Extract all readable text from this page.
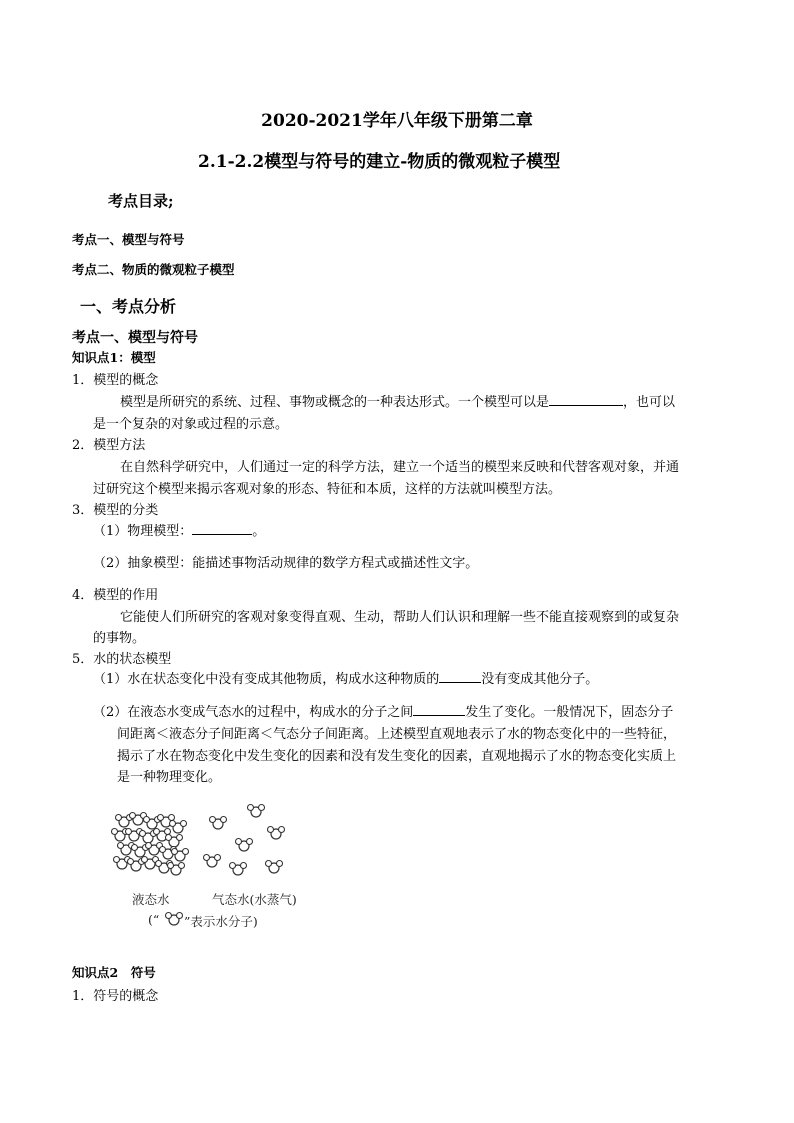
2020-2021学年八年级下册第二章
2.1-2.2模型与符号的建立-物质的微观粒子模型
考点目录;
考点一、模型与符号
考点二、物质的微观粒子模型
一、考点分析
考点一、模型与符号
知识点1：模型
1．模型的概念
模型是所研究的系统、过程、事物或概念的一种表达形式。一个模型可以是	，也可以
是一个复杂的对象或过程的示意。
2．模型方法
在自然科学研究中，人们通过一定的科学方法，建立一个适当的模型来反映和代替客观对象，并通
过研究这个模型来揭示客观对象的形态、特征和本质，这样的方法就叫模型方法。
3．模型的分类
（1）物理模型：	。
（2）抽象模型：能描述事物活动规律的数学方程式或描述性文字。
4．模型的作用
它能使人们所研究的客观对象变得直观、生动，帮助人们认识和理解一些不能直接观察到的或复杂
的事物。
5．水的状态模型
（1）水在状态变化中没有变成其他物质，构成水这种物质的	没有变成其他分子。
（2）在液态水变成气态水的过程中，构成水的分子之间	发生了变化。一般情况下，固态分子
间距离＜液态分子间距离＜气态分子间距离。上述模型直观地表示了水的物态变化中的一些特征，
揭示了水在物态变化中发生变化的因素和没有发生变化的因素，直观地揭示了水的物态变化实质上
是一种物理变化。
液态水	气态水(水蒸气)
(“ ”表示水分子)
知识点2　符号
1．符号的概念
